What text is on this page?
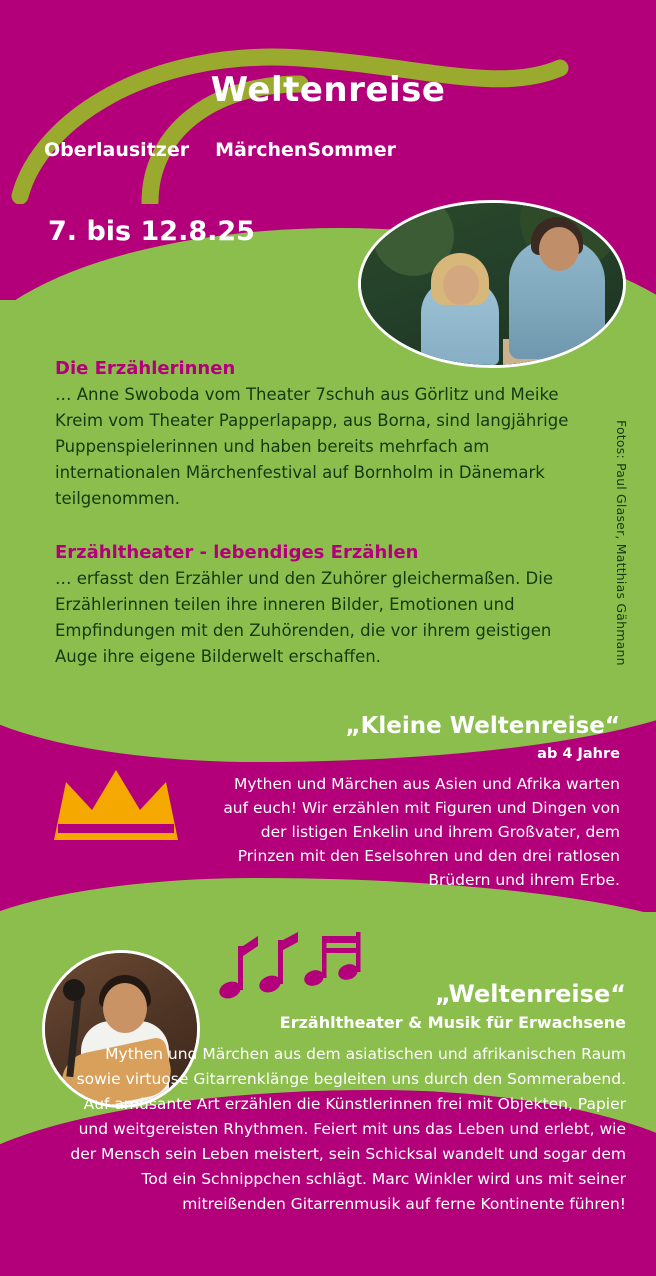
Weltenreise
Oberlausitzer MärchenSommer
7. bis 12.8.25
Die Erzählerinnen
… Anne Swoboda vom Theater 7schuh aus Görlitz und Meike Kreim vom Theater Papperlapapp, aus Borna, sind langjährige Puppenspielerinnen und haben bereits mehrfach am internationalen Märchenfestival auf Bornholm in Dänemark teilgenommen.
Erzähltheater - lebendiges Erzählen
… erfasst den Erzähler und den Zuhörer gleichermaßen. Die Erzählerinnen teilen ihre inneren Bilder, Emotionen und Empfindungen mit den Zuhörenden, die vor ihrem geistigen Auge ihre eigene Bilderwelt erschaffen.	Fotos: Paul Glaser, Matthias Gähmann
„Kleine Weltenreise“
ab 4 Jahre
Mythen und Märchen aus Asien und Afrika warten auf euch! Wir erzählen mit Figuren und Dingen von der listigen Enkelin und ihrem Großvater, dem Prinzen mit den Eselsohren und den drei ratlosen Brüdern und ihrem Erbe.
„Weltenreise“
Erzähltheater & Musik für Erwachsene
Mythen und Märchen aus dem asiatischen und afrikanischen Raum sowie virtuose Gitarrenklänge begleiten uns durch den Sommerabend. Auf amüsante Art erzählen die Künstlerinnen frei mit Objekten, Papier und weitgereisten Rhythmen. Feiert mit uns das Leben und erlebt, wie der Mensch sein Leben meistert, sein Schicksal wandelt und sogar dem Tod ein Schnippchen schlägt. Marc Winkler wird uns mit seiner mitreißenden Gitarrenmusik auf ferne Kontinente führen!
